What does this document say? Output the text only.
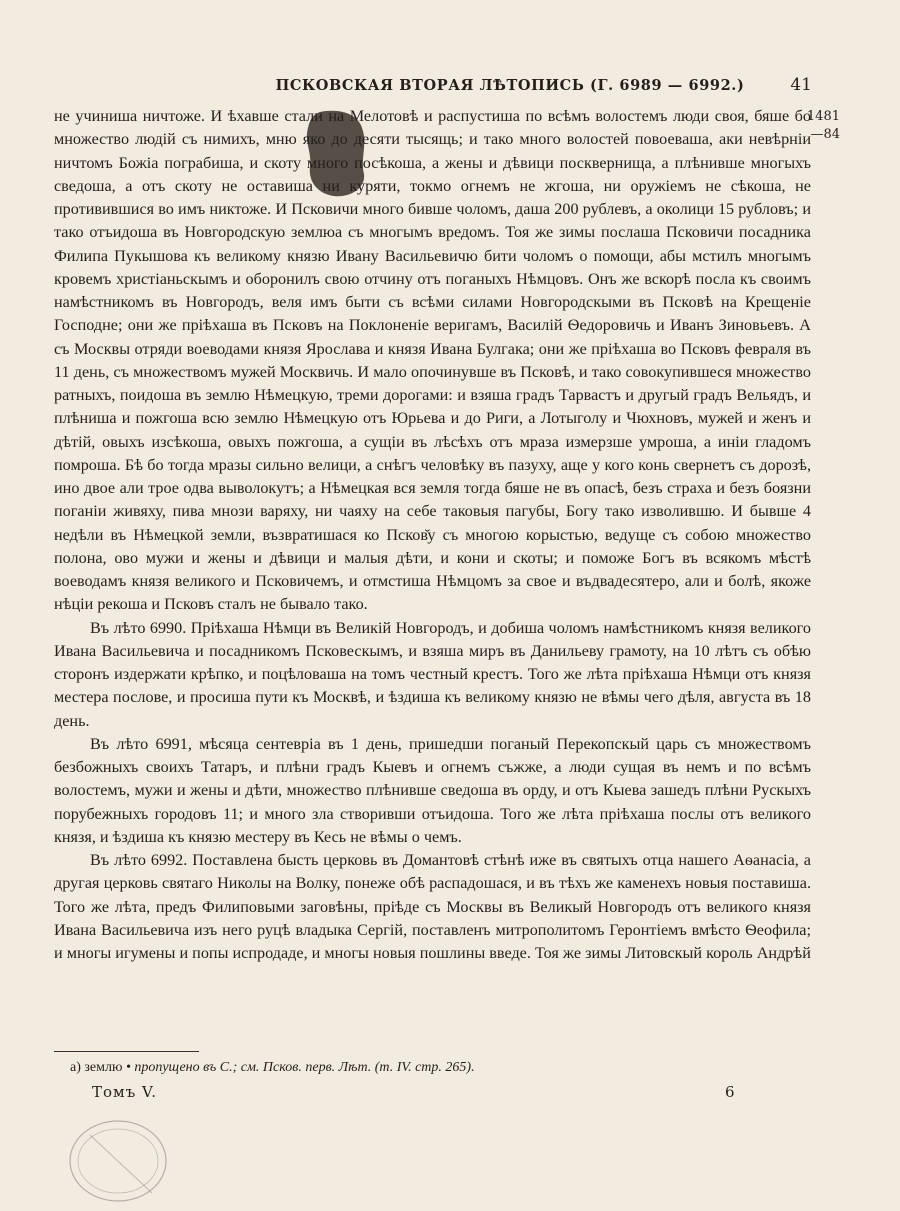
ПСКОВСКАЯ ВТОРАЯ ЛѢТОПИСЬ (Г. 6989 — 6992.)	41
1481
—84

не учиниша ничтоже. И ѣхавше стали на Мелотовѣ и распустиша по всѣмъ волостемъ люди своя, бяше бо множество людій съ нимихъ, мню яко до десяти тысящь; и тако много волостей повоеваша, аки невѣрніи ничтомъ Божіа пограбиша, и скоту много посѣкоша, а жены и дѣвици посквернища, а плѣнивше многыхъ сведоша, а отъ скоту не оставиша ни куряти, токмо огнемъ не жгоша, ни оружіемъ не сѣкоша, не противившися во имъ никтоже. И Псковичи много бивше чоломъ, даша 200 рублевъ, а околици 15 рубловъ; и тако отъидоша въ Новгородскую землюa съ многымъ вредомъ. Тоя же зимы послаша Псковичи посадника Филипа Пукышова къ великому князю Ивану Васильевичю бити чоломъ о помощи, абы мстилъ многымъ кровемъ христіаньскымъ и оборонилъ свою отчину отъ поганыхъ Нѣмцовъ. Онъ же вскорѣ посла къ своимъ намѣстникомъ въ Новгородъ, веля имъ быти съ всѣми силами Новгородскыми въ Псковѣ на Крещеніе Господне; они же пріѣхаша въ Псковъ на Поклоненіе веригамъ, Василій Ѳедоровичь и Иванъ Зиновьевъ. А съ Москвы отряди воеводами князя Ярослава и князя Ивана Булгака; они же пріѣхаша во Псковъ февраля въ 11 день, съ множествомъ мужей Москвичь. И мало опочинувше въ Псковѣ, и тако совокупившеся множество ратныхъ, поидоша въ землю Нѣмецкую, треми дорогами: и взяша градъ Тарвастъ и другый градъ Вельядъ, и плѣниша и пожгоша всю землю Нѣмецкую отъ Юрьева и до Риги, а Лотыголу и Чюхновъ, мужей и женъ и дѣтій, овыхъ изсѣкоша, овыхъ пожгоша, а сущіи въ лѣсѣхъ отъ мраза измерзше умроша, а иніи гладомъ помроша. Бѣ бо тогда мразы сильно велици, а снѣгъ человѣку въ пазуху, аще у кого конь свернетъ съ дорозѣ, ино двое али трое одва выволокутъ; а Нѣмецкая вся земля тогда бяше не въ опасѣ, безъ страха и безъ боязни поганіи живяху, пива мнози варяху, ни чаяху на себе таковыя пагубы, Богу тако изволившю. И бывше 4 недѣли въ Нѣмецкой земли, възвратишася ко Псков̆у съ многою корыстью, ведуще съ собою множество полона, ово мужи и жены и дѣвици и малыя дѣти, и кони и скоты; и поможе Богъ въ всякомъ мѣстѣ воеводамъ князя великого и Псковичемъ, и отмстиша Нѣмцомъ за свое и въдвадесятеро, али и болѣ, якоже нѣціи рекоша и Псковъ сталъ не бывало тако.

Въ лѣто 6990. Пріѣхаша Нѣмци въ Великій Новгородъ, и добиша чоломъ намѣстникомъ князя великого Ивана Васильевича и посадникомъ Псковескымъ, и взяша миръ въ Данильеву грамоту, на 10 лѣтъ съ обѣю сторонъ издержати крѣпко, и поцѣловаша на томъ честный крестъ. Того же лѣта пріѣхаша Нѣмци отъ князя местера послове, и просиша пути къ Москвѣ, и ѣздиша къ великому князю не вѣмы чего дѣля, августа въ 18 день.

Въ лѣто 6991, мѣсяца сентевріа въ 1 день, пришедши поганый Перекопскый царь съ множествомъ безбожныхъ своихъ Татаръ, и плѣни градъ Кыевъ и огнемъ съжже, а люди сущая въ немъ и по всѣмъ волостемъ, мужи и жены и дѣти, множество плѣнивше сведоша въ орду, и отъ Кыева зашедъ плѣни Рускыхъ порубежныхъ городовъ 11; и много зла створивши отъидоша. Того же лѣта пріѣхаша послы отъ великого князя, и ѣздиша къ князю местеру въ Кесь не вѣмы о чемъ.

Въ лѣто 6992. Поставлена бысть церковь въ Домантовѣ стѣнѣ иже въ святыхъ отца нашего Аѳанасіа, а другая церковь святаго Николы на Волку, понеже обѣ распадошася, и въ тѣхъ же каменехъ новыя поставиша. Того же лѣта, предъ Филиповыми заговѣны, пріѣде съ Москвы въ Великый Новгородъ отъ великого князя Ивана Васильевича изъ него руцѣ владыка Сергій, поставленъ митрополитомъ Геронтіемъ вмѣсто Ѳеофила; и многы игумены и попы испродаде, и многы новыя пошлины введе. Тоя же зимы Литовскый король Андрѣй

а) землю • пропущено въ С.; см. Псков. перв. Лѣт. (т. IV. стр. 265).
Томъ V.	6
